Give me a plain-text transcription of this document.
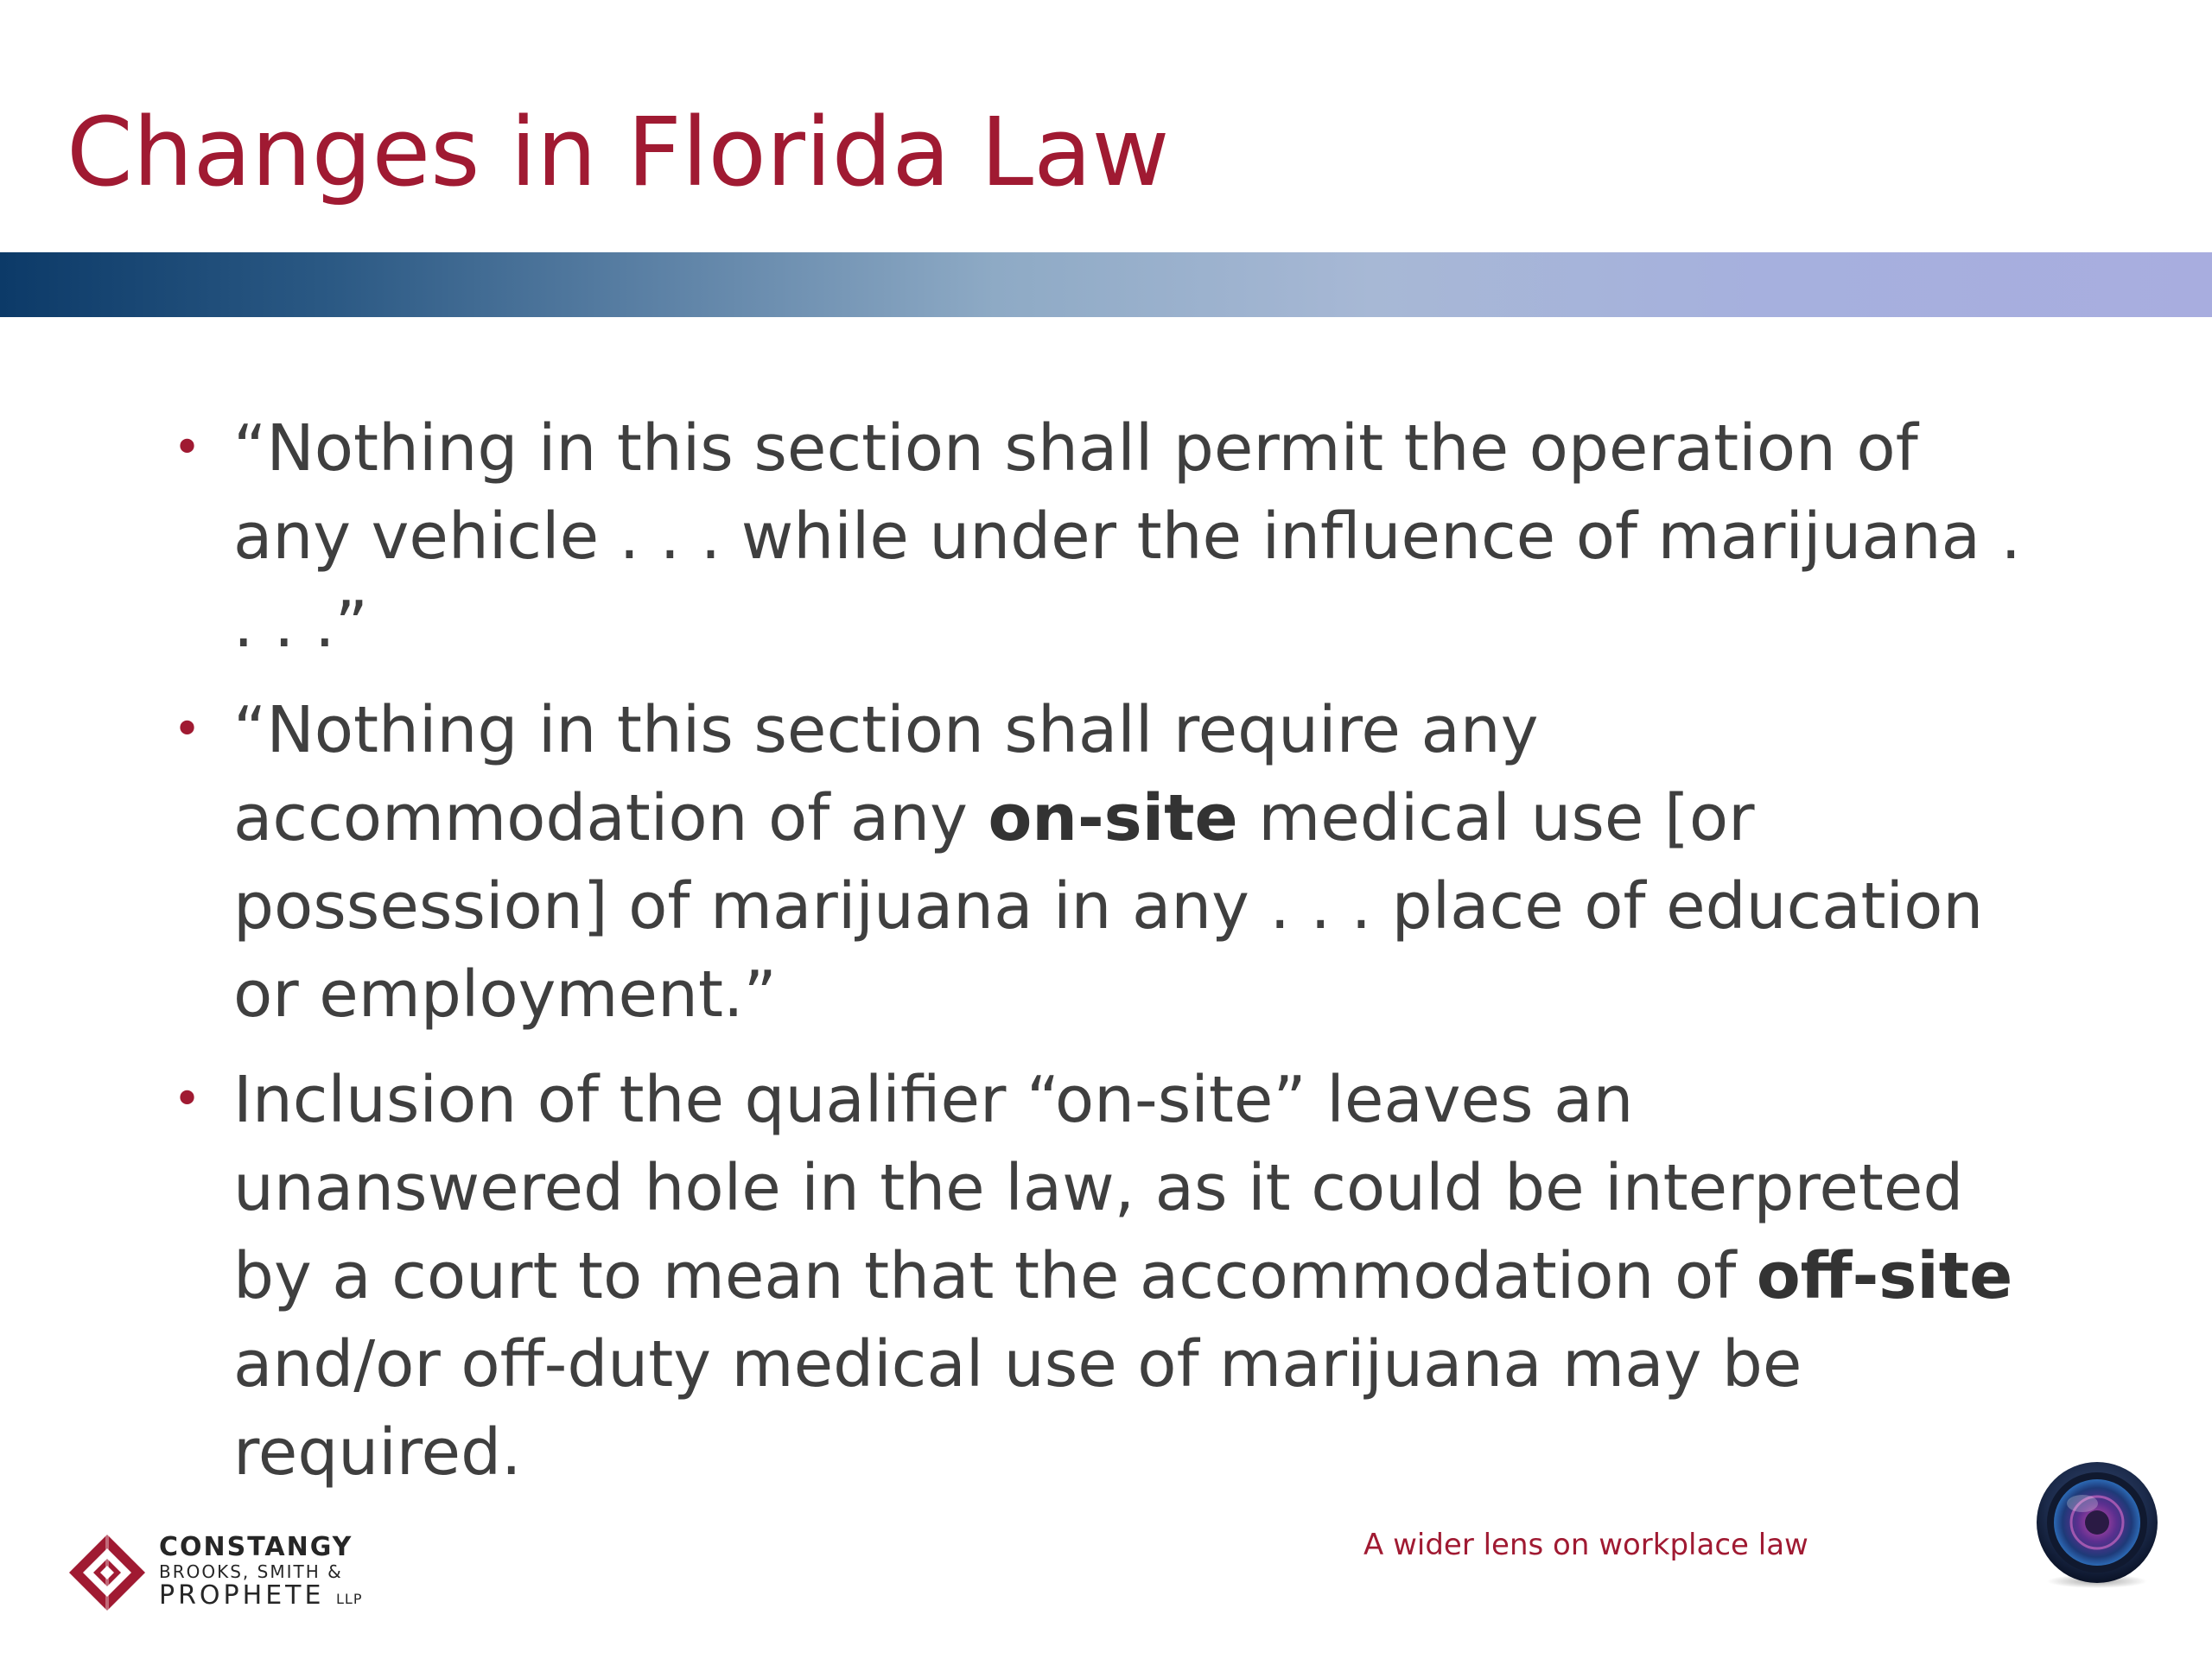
Changes in Florida Law
• “Nothing in this section shall permit the operation of any vehicle . . . while under the influence of marijuana . . . .”
• “Nothing in this section shall require any accommodation of any on-site medical use [or possession] of marijuana in any . . . place of education or employment.”
• Inclusion of the qualifier “on-site” leaves an unanswered hole in the law, as it could be interpreted by a court to mean that the accommodation of off-site and/or off-duty medical use of marijuana may be required.
CONSTANGY
BROOKS, SMITH &
PROPHETE LLP
A wider lens on workplace law
